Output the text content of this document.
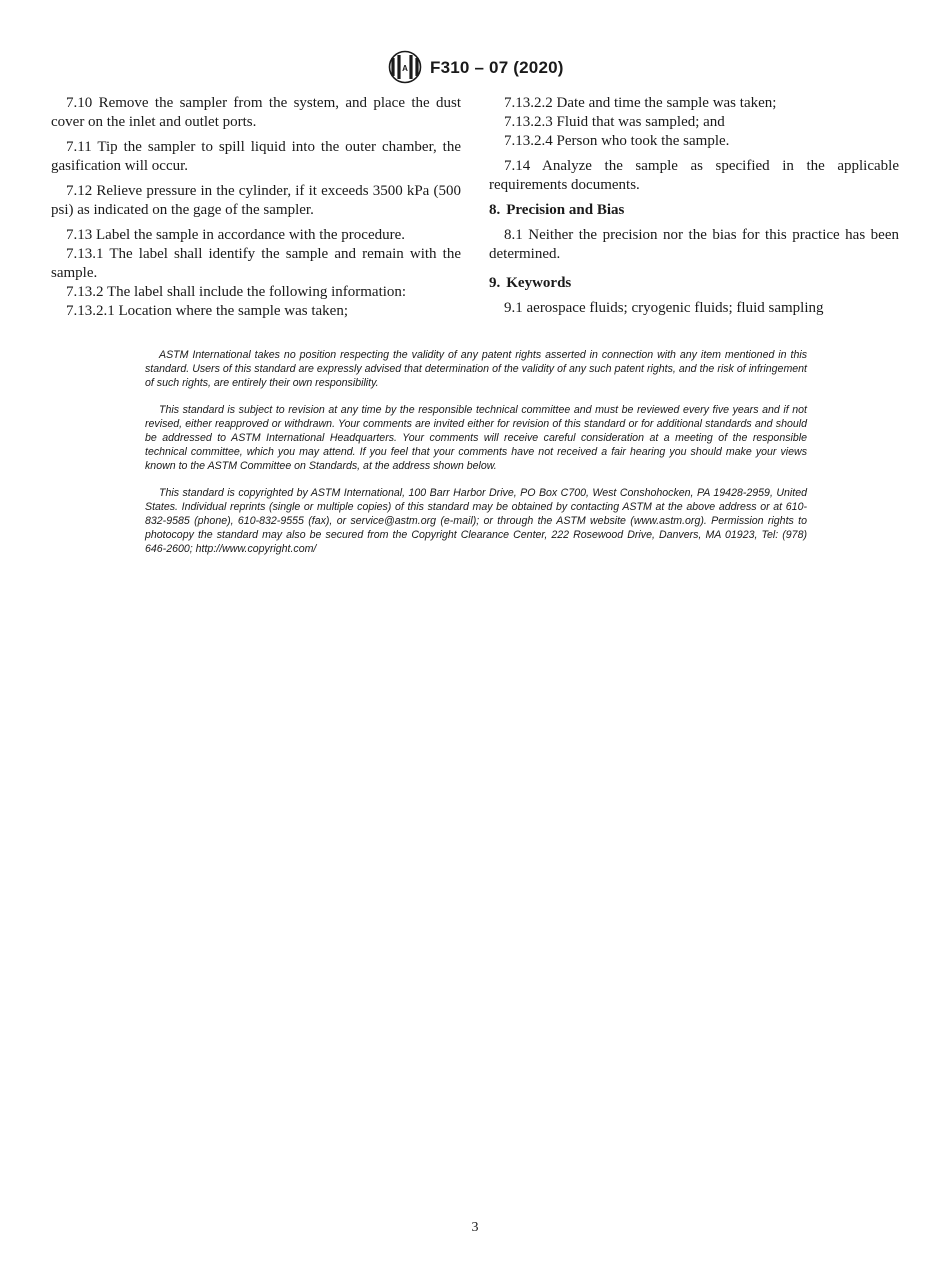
A F310 – 07 (2020)

7.10 Remove the sampler from the system, and place the dust cover on the inlet and outlet ports.

7.11 Tip the sampler to spill liquid into the outer chamber, the gasification will occur.

7.12 Relieve pressure in the cylinder, if it exceeds 3500 kPa (500 psi) as indicated on the gage of the sampler.

7.13 Label the sample in accordance with the procedure.

7.13.1 The label shall identify the sample and remain with the sample.

7.13.2 The label shall include the following information:

7.13.2.1 Location where the sample was taken;

7.13.2.2 Date and time the sample was taken;

7.13.2.3 Fluid that was sampled; and

7.13.2.4 Person who took the sample.

7.14 Analyze the sample as specified in the applicable requirements documents.

8. Precision and Bias

8.1 Neither the precision nor the bias for this practice has been determined.

9. Keywords

9.1 aerospace fluids; cryogenic fluids; fluid sampling

ASTM International takes no position respecting the validity of any patent rights asserted in connection with any item mentioned in this standard. Users of this standard are expressly advised that determination of the validity of any such patent rights, and the risk of infringement of such rights, are entirely their own responsibility.

This standard is subject to revision at any time by the responsible technical committee and must be reviewed every five years and if not revised, either reapproved or withdrawn. Your comments are invited either for revision of this standard or for additional standards and should be addressed to ASTM International Headquarters. Your comments will receive careful consideration at a meeting of the responsible technical committee, which you may attend. If you feel that your comments have not received a fair hearing you should make your views known to the ASTM Committee on Standards, at the address shown below.

This standard is copyrighted by ASTM International, 100 Barr Harbor Drive, PO Box C700, West Conshohocken, PA 19428-2959, United States. Individual reprints (single or multiple copies) of this standard may be obtained by contacting ASTM at the above address or at 610-832-9585 (phone), 610-832-9555 (fax), or service@astm.org (e-mail); or through the ASTM website (www.astm.org). Permission rights to photocopy the standard may also be secured from the Copyright Clearance Center, 222 Rosewood Drive, Danvers, MA 01923, Tel: (978) 646-2600; http://www.copyright.com/

3
